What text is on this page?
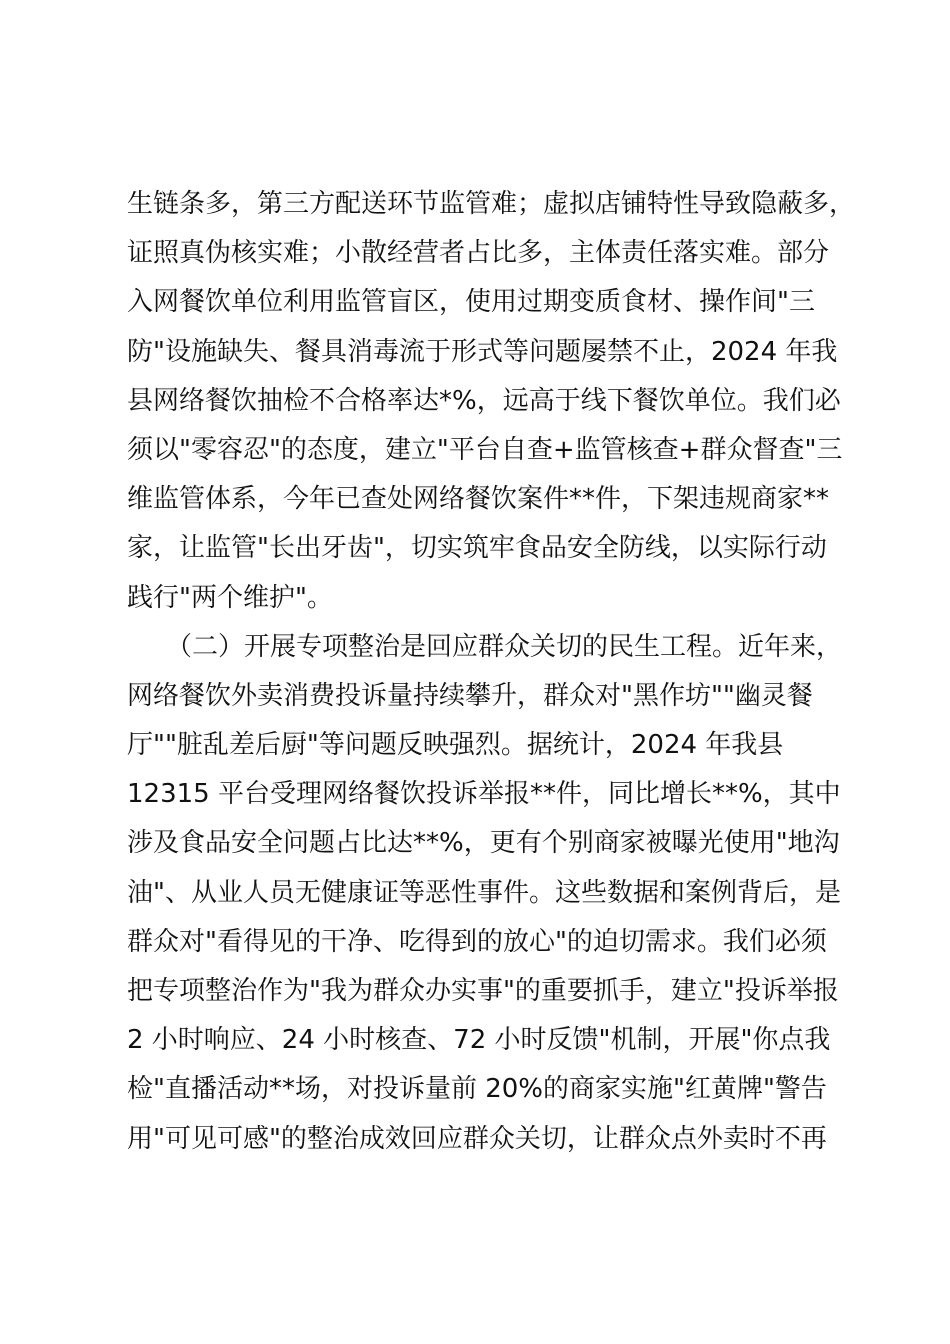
生链条多，第三方配送环节监管难；虚拟店铺特性导致隐蔽多，
证照真伪核实难；小散经营者占比多，主体责任落实难。部分
入网餐饮单位利用监管盲区，使用过期变质食材、操作间"三
防"设施缺失、餐具消毒流于形式等问题屡禁不止，2024 年我
县网络餐饮抽检不合格率达*%，远高于线下餐饮单位。我们必
须以"零容忍"的态度，建立"平台自查+监管核查+群众督查"三
维监管体系，今年已查处网络餐饮案件**件，下架违规商家**
家，让监管"长出牙齿"，切实筑牢食品安全防线，以实际行动
践行"两个维护"。
　　（二）开展专项整治是回应群众关切的民生工程。近年来，
网络餐饮外卖消费投诉量持续攀升，群众对"黑作坊""幽灵餐
厅""脏乱差后厨"等问题反映强烈。据统计，2024 年我县
12315 平台受理网络餐饮投诉举报**件，同比增长**%，其中
涉及食品安全问题占比达**%，更有个别商家被曝光使用"地沟
油"、从业人员无健康证等恶性事件。这些数据和案例背后，是
群众对"看得见的干净、吃得到的放心"的迫切需求。我们必须
把专项整治作为"我为群众办实事"的重要抓手，建立"投诉举报
2 小时响应、24 小时核查、72 小时反馈"机制，开展"你点我
检"直播活动**场，对投诉量前 20%的商家实施"红黄牌"警告
用"可见可感"的整治成效回应群众关切，让群众点外卖时不再
